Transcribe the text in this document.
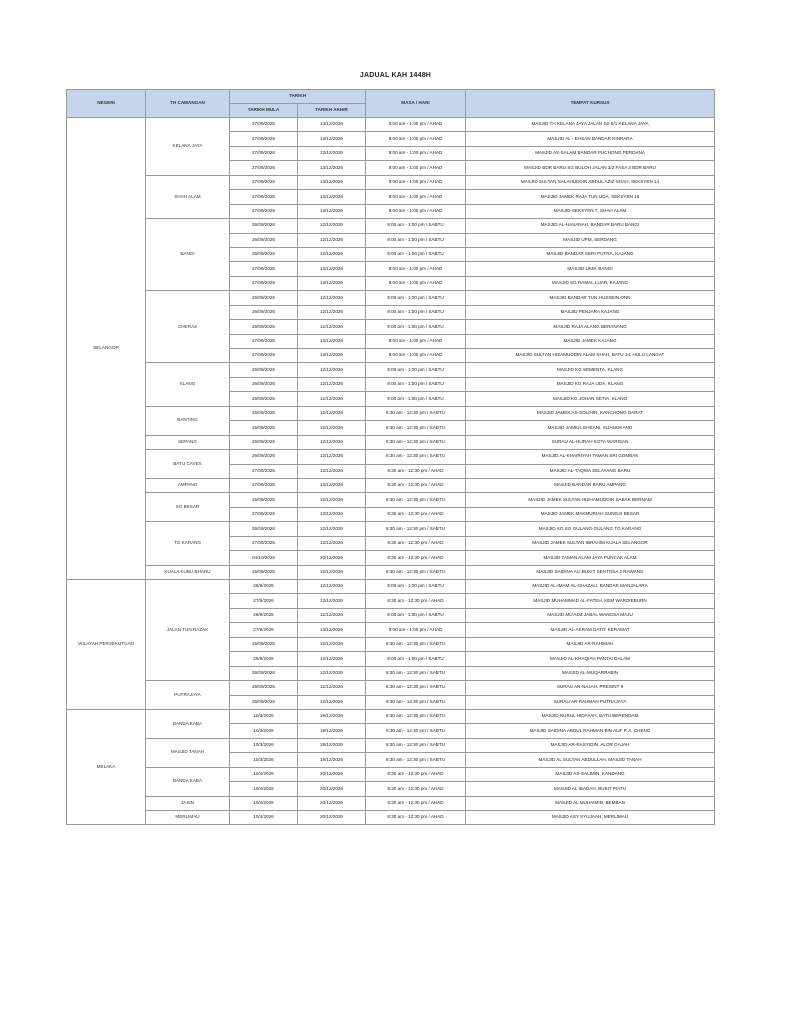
JADUAL KAH 1448H
NEGERI	TH CAWANGAN	TARIKH		MASA / HARI	TEMPAT KURSUS
		TARIKH MULA	TARIKH AKHIR		
SELANGOR	KELANA JAYA	27/09/2026	13/12/2026	9:00 am - 1:00 pm / AHAD	MASJID TH KELANA JAYA JALAN SS 6/1 KELANA JAYA
		27/09/2026	13/12/2026	9:00 am - 1:00 pm / AHAD	MASJID AL - EHSAN BANDAR KINRARA
		27/09/2026	13/12/2026	9:00 am - 1:00 pm / AHAD	MASJID AS-SALAM BANDAR PUCHONG PERDANA
		27/09/2026	13/12/2026	9:00 am - 1:00 pm / AHAD	MASJID BDR BARU SG BULOH JALAN 3/2 FASA 3 BDR BARU
	SHAH ALAM	27/09/2026	13/12/2026	9:00 am - 1:00 pm / AHAD	MASJID SULTAN SALAHUDDIN ABDUL AZIZ SHAH, SEKSYEN 14
		27/09/2026	13/12/2026	9:00 am - 1:00 pm / AHAD	MASJID JAMEK RAJA TUN UDA, SEKSYEN 16
		27/09/2026	13/12/2026	9:00 am - 1:00 pm / AHAD	MASJID SEKSYEN 7, SHAH ALAM
	BANGI	26/09/2026	12/12/2026	9:00 am - 1:00 pm / SABTU	MASJID AL-HASANAH, BANDAR BARU BANGI
		26/09/2026	12/12/2026	9:00 am - 1:00 pm / SABTU	MASJID UPM, SERDANG
		26/09/2026	12/12/2026	9:00 am - 1:00 pm / SABTU	MASJID BANDAR SERI PUTRA, KAJANG
		27/09/2026	13/12/2026	9:00 am - 1:00 pm / AHAD	MASJID UKM, BANGI
		27/09/2026	13/12/2026	9:00 am - 1:00 pm / AHAD	MASJID SG RAMAL LUAR, KAJANG
	CHERAS	26/09/2026	12/12/2026	9:00 am - 1:00 pm / SABTU	MASJID BANDAR TUN HUSSEIN ONN
		26/09/2026	12/12/2026	9:00 am - 1:00 pm / SABTU	MASJID PENJARA KAJANG
		26/09/2026	12/12/2026	9:00 am - 1:00 pm / SABTU	MASJID RAJA ALANG BERANANG
		27/09/2026	13/12/2026	9:00 am - 1:00 pm / AHAD	MASJID JAMEK KAJANG
		27/09/2026	13/12/2026	9:00 am - 1:00 pm / AHAD	MASJID SULTAN HISAMUDDIN ALAM SHAH, BATU 14, HULU LANGAT
	KLANG	26/09/2026	12/12/2026	9:00 am - 1:00 pm / SABTU	MASJID KG SEMENTA, KLANG
		26/09/2026	12/12/2026	9:00 am - 1:00 pm / SABTU	MASJID KG RAJA UDA, KLANG
		26/09/2026	12/12/2026	9:00 am - 1:00 pm / SABTU	MASJID KG JOHAN SETIA, KLANG
	BANTING	26/09/2026	12/12/2026	8:30 am - 12:30 pm / SABTU	MASJID JAMEK AS-SOLIHIN, KANCHONG DARAT
		26/09/2026	12/12/2026	8:30 am - 12:30 pm / SABTU	MASJID JAMIUL EHSANI, SIJANGKANG
	SEPANG	26/09/2026	12/12/2026	8:30 am - 12:30 pm / SABTU	SURAU AL-HIJRAH KOTA WARISAN
	BATU CAVES	26/09/2026	12/12/2026	8:30 am - 12:30 pm / SABTU	MASJID AL-KHAIRIYAH TAMAN SRI GOMBAK
		27/09/2026	13/12/2026	8:30 am - 12:30 pm / AHAD	MASJID AL-TAQWA SELAYANG BARU
	AMPANG	27/09/2026	13/12/2026	8:30 am - 12:30 pm / AHAD	MASJID BANDAR BARU AMPANG
	SG BESAR	26/09/2026	12/12/2026	8:30 am - 12:30 pm / SABTU	MASJID JAMEK SULTAN HISHAMUDDIN SABAK BERNAM
		27/09/2026	13/12/2026	8:30 am - 12:30 pm / AHAD	MASJID JAMEK MAKMURIAH SUNGAI BESAR
	TG KARANG	26/09/2026	12/12/2026	8:30 am - 12:30 pm / SABTU	MASJID KG SG GULANG-GULANG TG KARANG
		27/09/2026	13/12/2026	8:30 am - 12:30 pm / AHAD	MASJID JAMEK SULTAN IBRAHIM KUALA SELANGOR
		04/10/2026	20/12/2026	8:30 am - 12:30 pm / AHAD	MASJID TAMAN ALAM JAYA PUNCAK ALAM
	KUALA KUBU BHARU	26/09/2026	12/12/2026	8:30 am - 12:30 pm / SABTU	MASJID SAIDINA ALI BUKIT SENTOSA 2 RAWANG
WILAYAH PERSEKUTUAN	JALAN TUN RAZAK	26/9/2026	12/12/2026	9:00 am - 1:00 pm / SABTU	MASJID AL-IMAM AL-GHAZALI, BANDAR MANJALARA
		27/9/2026	13/12/2026	8:30 am - 12:30 pm / AHAD	MASJID MUHAMMAD AL-FATEH, KEM WARDIEBURN
		26/9/2026	12/12/2026	9:00 am - 1:00 pm / SABTU	MASJID MU'ADZ JABAL WANGSA MAJU
		27/9/2026	13/12/2026	9:00 am - 1:00 pm / AHAD	MASJID AL-AKRAM DATO' KERAMAT
		26/09/2026	12/12/2026	8:30 am - 12:30 pm / SABTU	MASJID AR-RAHIMAH
		26/9/2026	12/12/2026	9:00 am - 1:00 pm / SABTU	MASJID AL-KHAQIAH PANTAI DALAM
		26/09/2026	12/12/2026	8:30 am - 12:30 pm / SABTU	MASJID AL-MUQARRABIN
	PUTRAJAYA	26/09/2026	12/12/2026	8:30 am - 12:30 pm / SABTU	SURAU AN-NAJAH, PRESINT 9
		26/09/2026	12/12/2026	8:30 am - 12:30 pm / SABTU	SURAU AR-RAHMAN PUTRAJAYA
MELAKA	BANDA KABA	10/3/2026	19/12/2026	8:30 am - 12:30 pm / SABTU	MASJID NURUL HIDAYAH, BATU BERENDAM
		10/3/2026	19/12/2026	8:30 am - 12:30 pm / SABTU	MASJID SAIDINA ABDUL RAHMAN BIN AUF R.A, CHENG
	MASJID TANAH	10/3/2026	19/12/2026	8:30 am - 12:30 pm / SABTU	MASJID AR-RASYIDIN, ALOR GAJAH
		10/3/2026	19/12/2026	8:30 am - 12:30 pm / SABTU	MASJID AL SULTAN ABDULLAH, MASJID TANAH
	BANDA KABA	10/4/2026	20/12/2026	8:30 am - 12:30 pm / AHAD	MASJID AS-SALIMIN, KANDANG
		10/4/2026	20/12/2026	8:30 am - 12:30 pm / AHAD	MASJID AL IBADAH, BUKIT PIATU
	JASIN	10/4/2026	20/12/2026	8:30 am - 12:30 pm / AHAD	MASJID AL MUHAIMIN, BEMBAN
	MERLIMAU	10/4/2026	20/12/2026	8:30 am - 12:30 pm / AHAD	MASJID ASY SYUJAAH, MERLIMAU
